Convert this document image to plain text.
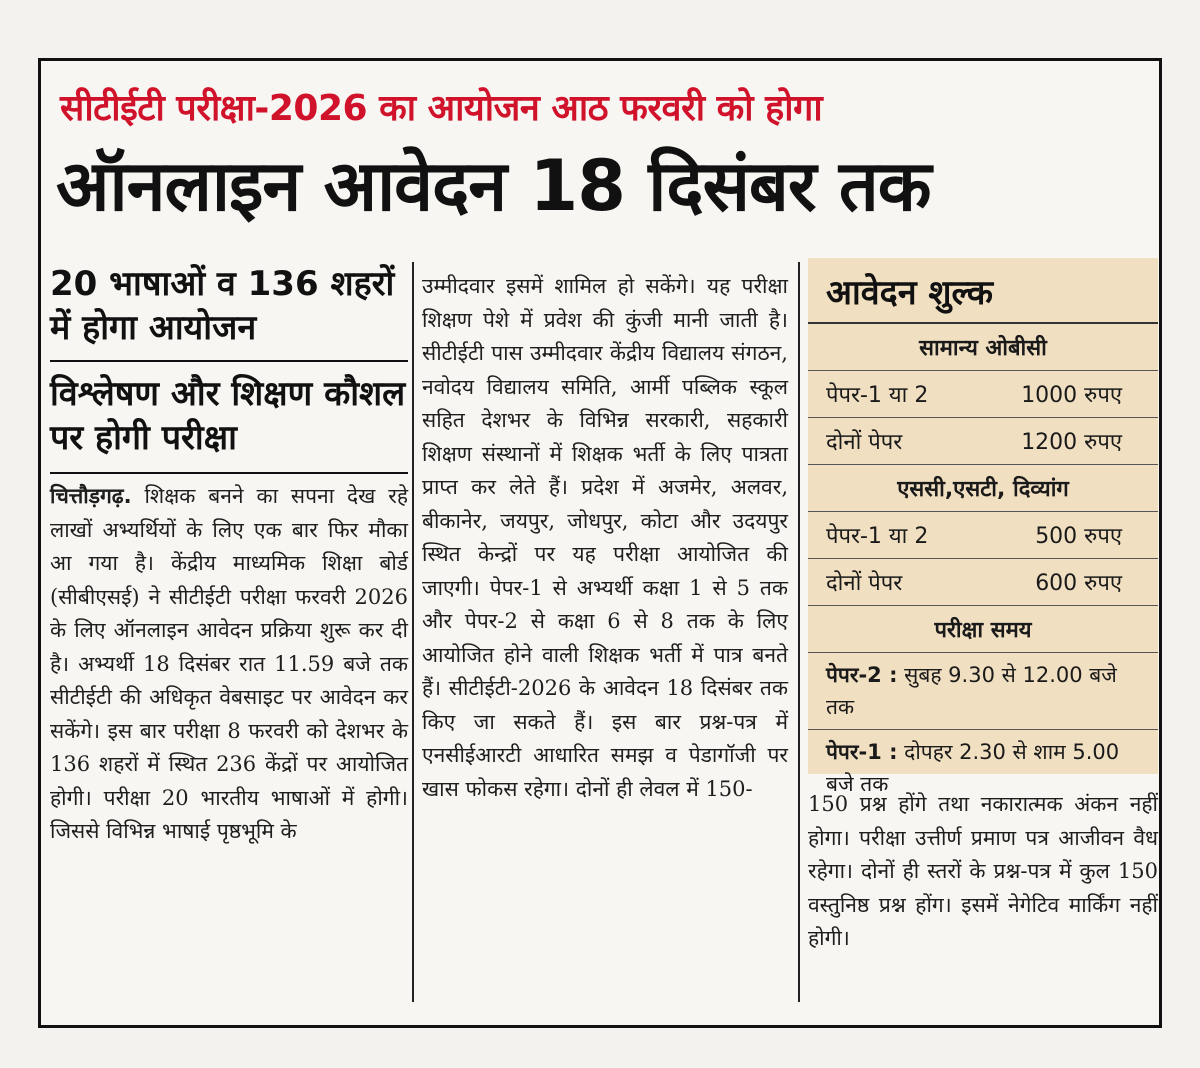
सीटीईटी परीक्षा-2026 का आयोजन आठ फरवरी को होगा
ऑनलाइन आवेदन 18 दिसंबर तक
20 भाषाओं व 136 शहरों में होगा आयोजन
विश्लेषण और शिक्षण कौशल पर होगी परीक्षा

चित्तौड़गढ़. शिक्षक बनने का सपना देख रहे लाखों अभ्यर्थियों के लिए एक बार फिर मौका आ गया है। केंद्रीय माध्यमिक शिक्षा बोर्ड (सीबीएसई) ने सीटीईटी परीक्षा फरवरी 2026 के लिए ऑनलाइन आवेदन प्रक्रिया शुरू कर दी है। अभ्यर्थी 18 दिसंबर रात 11.59 बजे तक सीटीईटी की अधिकृत वेबसाइट पर आवेदन कर सकेंगे। इस बार परीक्षा 8 फरवरी को देशभर के 136 शहरों में स्थित 236 केंद्रों पर आयोजित होगी। परीक्षा 20 भारतीय भाषाओं में होगी। जिससे विभिन्न भाषाई पृष्ठभूमि के

उम्मीदवार इसमें शामिल हो सकेंगे। यह परीक्षा शिक्षण पेशे में प्रवेश की कुंजी मानी जाती है। सीटीईटी पास उम्मीदवार केंद्रीय विद्यालय संगठन, नवोदय विद्यालय समिति, आर्मी पब्लिक स्कूल सहित देशभर के विभिन्न सरकारी, सहकारी शिक्षण संस्थानों में शिक्षक भर्ती के लिए पात्रता प्राप्त कर लेते हैं। प्रदेश में अजमेर, अलवर, बीकानेर, जयपुर, जोधपुर, कोटा और उदयपुर स्थित केन्द्रों पर यह परीक्षा आयोजित की जाएगी। पेपर-1 से अभ्यर्थी कक्षा 1 से 5 तक और पेपर-2 से कक्षा 6 से 8 तक के लिए आयोजित होने वाली शिक्षक भर्ती में पात्र बनते हैं। सीटीईटी-2026 के आवेदन 18 दिसंबर तक किए जा सकते हैं। इस बार प्रश्न-पत्र में एनसीईआरटी आधारित समझ व पेडागॉजी पर खास फोकस रहेगा। दोनों ही लेवल में 150-

आवेदन शुल्क
सामान्य ओबीसी
पेपर-1 या 2	1000 रुपए
दोनों पेपर	1200 रुपए
एससी,एसटी, दिव्यांग
पेपर-1 या 2	500 रुपए
दोनों पेपर	600 रुपए
परीक्षा समय
पेपर-2 : सुबह 9.30 से 12.00 बजे तक
पेपर-1 : दोपहर 2.30 से शाम 5.00 बजे तक

150 प्रश्न होंगे तथा नकारात्मक अंकन नहीं होगा। परीक्षा उत्तीर्ण प्रमाण पत्र आजीवन वैध रहेगा। दोनों ही स्तरों के प्रश्न-पत्र में कुल 150 वस्तुनिष्ठ प्रश्न होंग। इसमें नेगेटिव मार्किंग नहीं होगी।
